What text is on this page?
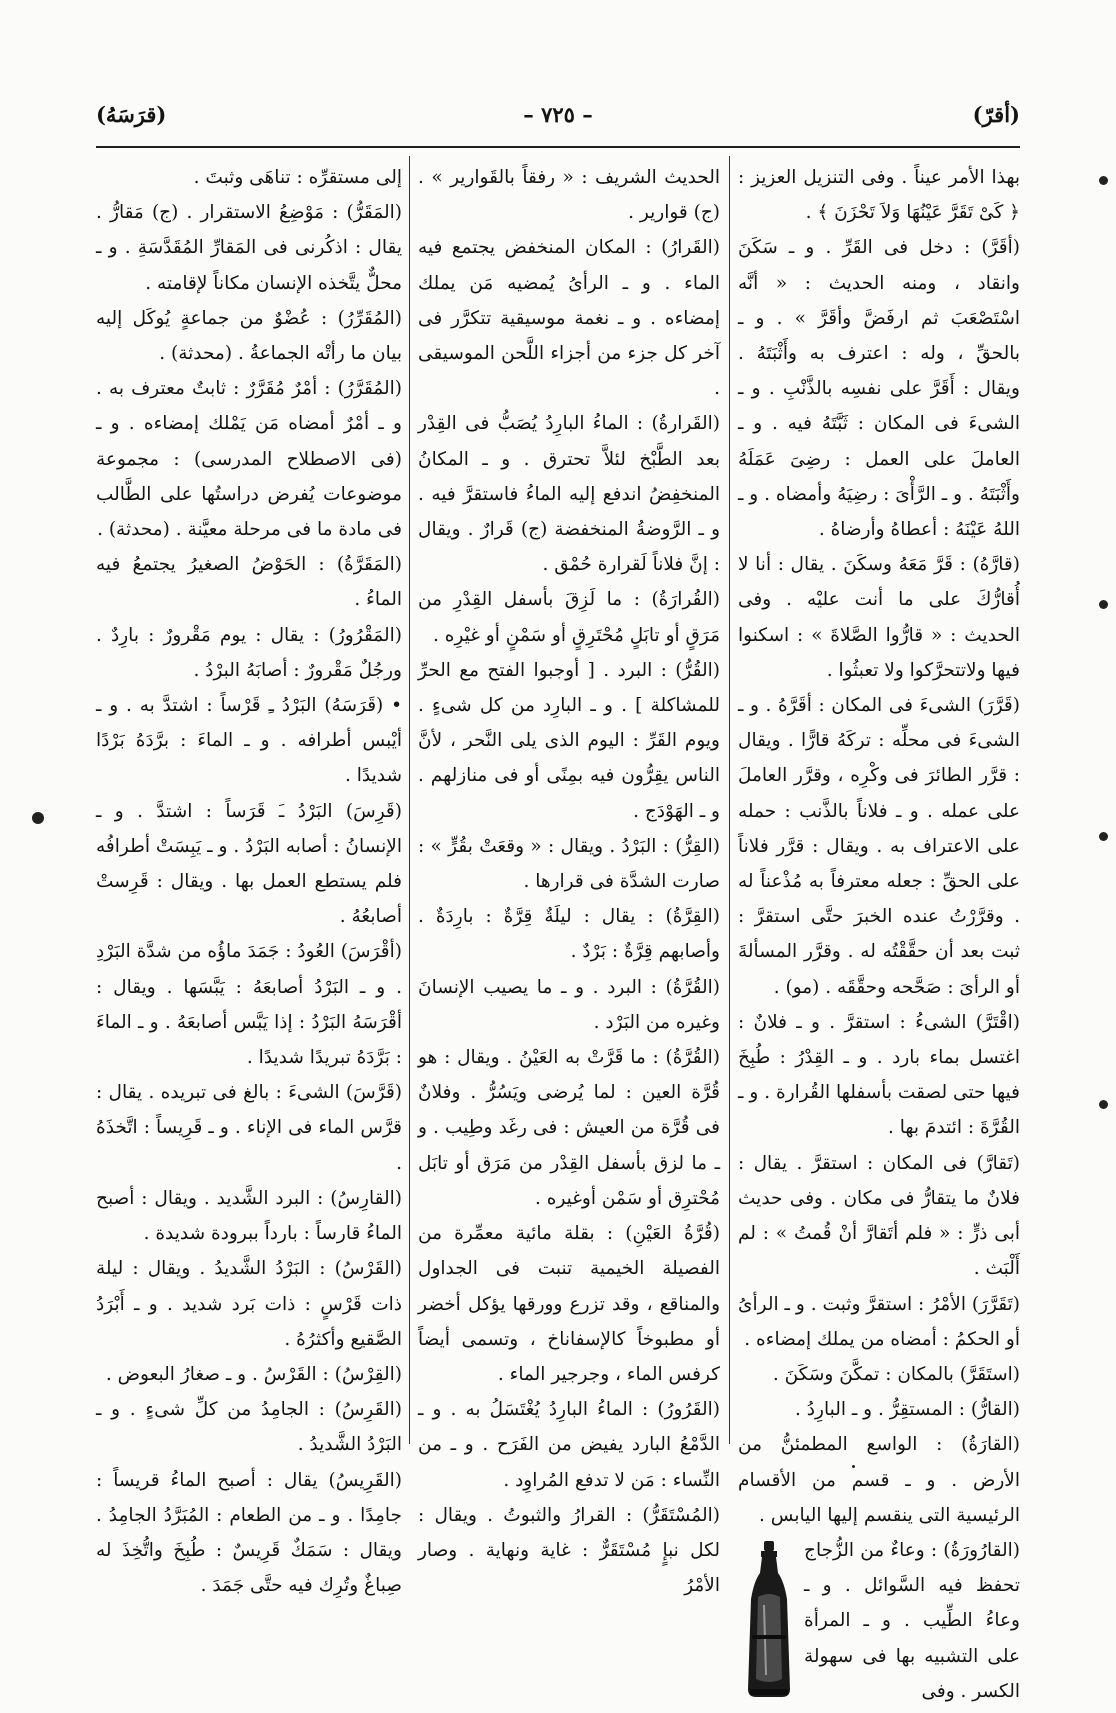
(أقرّ)
– ٧٢٥ –
(قرَسَهُ)

بهذا الأمر عيناً . وفى التنزيل العزيز : ﴿ كَىْ تَقَرَّ عَيْنُهَا وَلاَ تَحْزَنَ ﴾ .

(أقَرَّ) : دخل فى القَرِّ . و ـ سَكَنَ وانقاد ، ومنه الحديث : « أنَّه اسْتَصْعَبَ ثم ارفَضَّ وأقَرَّ » . و ـ بالحقِّ ، وله : اعترف به وأَثْبَتَهُ . ويقال : أَقَرَّ على نفسِه بالذَّنْبِ . و ـ الشىءَ فى المكان : ثَبَّتَهُ فيه . و ـ العاملَ على العمل : رضِىَ عَمَلَهُ وأَثْبَتَهُ . و ـ الرَّأْىَ : رضِيَهُ وأمضاه . و ـ اللهُ عَيْنَهُ : أعطاهُ وأرضاهُ .

(قارَّهُ) : قَرَّ مَعَهُ وسكَنَ . يقال : أنا لا أُقارُّكَ على ما أنت عليْه . وفى الحديث : « قارُّوا الصَّلاةَ » : اسكنوا فيها ولاتتحرَّكوا ولا تعبثُوا .

(قَرَّرَ) الشىءَ فى المكان : أقَرَّهُ . و ـ الشىءَ فى محلِّه : تركَهُ قارًّا . ويقال : قرَّر الطائرَ فى وكْرِه ، وقرَّر العاملَ على عمله . و ـ فلاناً بالذَّنب : حمله على الاعتراف به . ويقال : قرَّر فلاناً على الحقِّ : جعله معترفاً به مُذْعناً له . وقرَّرْتُ عنده الخبرَ حتَّى استقرَّ : ثبت بعد أن حقَّقْتُه له . وقرَّر المسألةَ أو الرأىَ : صَحَّحه وحقَّقَه . (مو) .

(اقْتَرَّ) الشىءُ : استقرَّ . و ـ فلانٌ : اغتسل بماء بارد . و ـ القِدْرُ : طُبِخَ فيها حتى لصقت بأسفلها القُرارة . و ـ القُرَّةَ : ائتدمَ بها .

(تَقارَّ) فى المكان : استقرَّ . يقال : فلانٌ ما يتقارُّ فى مكان . وفى حديث أبى ذرٍّ : « فلم أتَقارَّ أنْ قُمتُ » : لم أَلْبَث .

(تَقَرَّرَ) الأمْرُ : استقرَّ وثبت . و ـ الرأىُ أو الحكمُ : أمضاه من يملك إمضاءه .

(استَقَرَّ) بالمكان : تمكَّنَ وسَكَنَ .

(القارُّ) : المستقِرُّ . و ـ البارِدُ .

(القارَةُ) : الواسع المطمئنُّ من الأرض . و ـ قسم من الأقسام الرئيسية التى ينقسم إليها اليابس .

(القارُورَةُ) : وعاءٌ من الزُّجاج تحفظ فيه السَّوائل . و ـ وعاءُ الطِّيب . و ـ المرأة على التشبيه بها فى سهولة الكسر . وفى

الحديث الشريف : « رفقاً بالقَوارير » . (ج) قوارير .

(القَرارُ) : المكان المنخفض يجتمع فيه الماء . و ـ الرأىُ يُمضيه مَن يملك إمضاءه . و ـ نغمة موسيقية تتكرَّر فى آخر كل جزء من أجزاء اللَّحن الموسيقى .

(القَرارةُ) : الماءُ البارِدُ يُصَبُّ فى القِدْر بعد الطَّبْخ لئلاَّ تحترق . و ـ المكانُ المنخفِضُ اندفع إليه الماءُ فاستقرَّ فيه . و ـ الرَّوضةُ المنخفضة (ج) قَرارٌ . ويقال : إنَّ فلاناً لَقرارة حُمْق .

(القُرارَةُ) : ما لَزِقَ بأسفل القِدْرِ من مَرَقٍ أو تابَلٍ مُحْتَرِقٍ أو سَمْنٍ أو غيْرِه .

(القُرُّ) : البرد . [ أوجبوا الفتح مع الحرِّ للمشاكلة ] . و ـ البارِد من كل شىءٍ . ويوم القَرِّ : اليوم الذى يلى النَّحر ، لأنَّ الناس يقِرُّون فيه بمِنًى أو فى منازلهم . و ـ الهَوْدَج .

(القِرُّ) : البَرْدُ . ويقال : « وقعَتْ بقُرٍّ » : صارت الشدَّة فى قرارها .

(القِرَّةُ) : يقال : ليلَةٌ قِرَّةٌ : بارِدَةٌ . وأصابهم قِرَّةٌ : بَرْدٌ .

(القُرَّةُ) : البرد . و ـ ما يصيب الإنسانَ وغيره من البَرْد .

(القُرَّةُ) : ما قَرَّتْ به العَيْنُ . ويقال : هو قُرَّة العين : لما يُرضى ويَسُرُّ . وفلانٌ فى قُرَّة من العيش : فى رغَد وطِيب . و ـ ما لزق بأسفل القِدْر من مَرَق أو تابَل مُحْترِق أو سَمْن أوغيره .

(قُرَّةُ العَيْنِ) : بقلة مائية معمِّرة من الفصيلة الخيمية تنبت فى الجداول والمناقع ، وقد تزرع وورقها يؤكل أخضر أو مطبوخاً كالإسفاناخ ، وتسمى أيضاً كرفس الماء ، وجرجير الماء .

(القَرُورُ) : الماءُ البارِدُ يُغْتَسَلُ به . و ـ الدَّمْعُ البارد يفيض من الفَرَح . و ـ من النِّساء : مَن لا تدفع المُراوِد .

(المُسْتَقَرُّ) : القرارُ والثبوتُ . ويقال : لكل نبإٍ مُسْتَقَرٌّ : غاية ونهاية . وصار الأمْرُ

إلى مستقرِّه : تناهَى وثبتَ .

(المَقَرُّ) : مَوْضِعُ الاستقرار . (ج) مَقارُّ . يقال : اذكُرنى فى المَقارِّ المُقَدَّسَةِ . و ـ محلٌّ يتَّخذه الإنسان مكاناً لإقامته .

(المُقَرِّرُ) : عُضْوٌ من جماعةٍ يُوكَل إليه بيان ما رأتْه الجماعةُ . (محدثة) .

(المُقَرَّرُ) : أمْرٌ مُقَرَّرٌ : ثابتٌ معترف به . و ـ أمْرٌ أمضاه مَن يَمْلك إمضاءه . و ـ (فى الاصطلاح المدرسى) : مجموعة موضوعات يُفرض دراستُها على الطَّالب فى مادة ما فى مرحلة معيَّنة . (محدثة) .

(المَقَرَّةُ) : الحَوْضُ الصغيرُ يجتمعُ فيه الماءُ .

(المَقْرُورُ) : يقال : يوم مَقْرورٌ : بارِدٌ . ورجُلٌ مَقْرورٌ : أصابَهُ البرْدُ .

• (قَرَسَهُ) البَرْدُ ـِ قَرْساً : اشتدَّ به . و ـ أيْبس أطرافه . و ـ الماءَ : برَّدَهُ بَرْدًا شديدًا .

(قَرِسَ) البَرْدُ ـَ قَرَساً : اشتدَّ . و ـ الإنسانُ : أصابه البَرْدُ . و ـ يَبِسَتْ أطرافُه فلم يستطع العمل بها . ويقال : قَرِستْ أصابعُهُ .

(أقْرَسَ) العُودُ : جَمَدَ ماؤُه من شدَّة البَرْدِ . و ـ البَرْدُ أصابعَهُ : يَبَّسَها . ويقال : أقْرَسَهُ البَرْدُ : إذا يَبَّس أصابعَهُ . و ـ الماءَ : بَرَّدَهُ تبريدًا شديدًا .

(قَرَّسَ) الشىءَ : بالغ فى تبريده . يقال : قرَّس الماء فى الإناء . و ـ قَرِيساً : اتَّخذَهُ .

(القارِسُ) : البرد الشَّديد . ويقال : أصبح الماءُ قارساً : بارداً ببرودة شديدة .

(القَرْسُ) : البَرْدُ الشَّديدُ . ويقال : ليلة ذات قَرْسٍ : ذات بَرد شديد . و ـ أَبْرَدُ الصَّقيع وأكثرُهُ .

(القِرْسُ) : القَرْسُ . و ـ صغارُ البعوض .

(القَرِسُ) : الجامِدُ من كلِّ شىءٍ . و ـ البَرْدُ الشَّديدُ .

(القَرِيسُ) يقال : أصبح الماءُ قريساً : جامِدًا . و ـ من الطعام : المُبَرَّدُ الجامِدُ . ويقال : سَمَكٌ قَرِيسٌ : طُبِخَ واتُّخِذَ له صِباغٌ وتُرِك فيه حتَّى جَمَدَ .
